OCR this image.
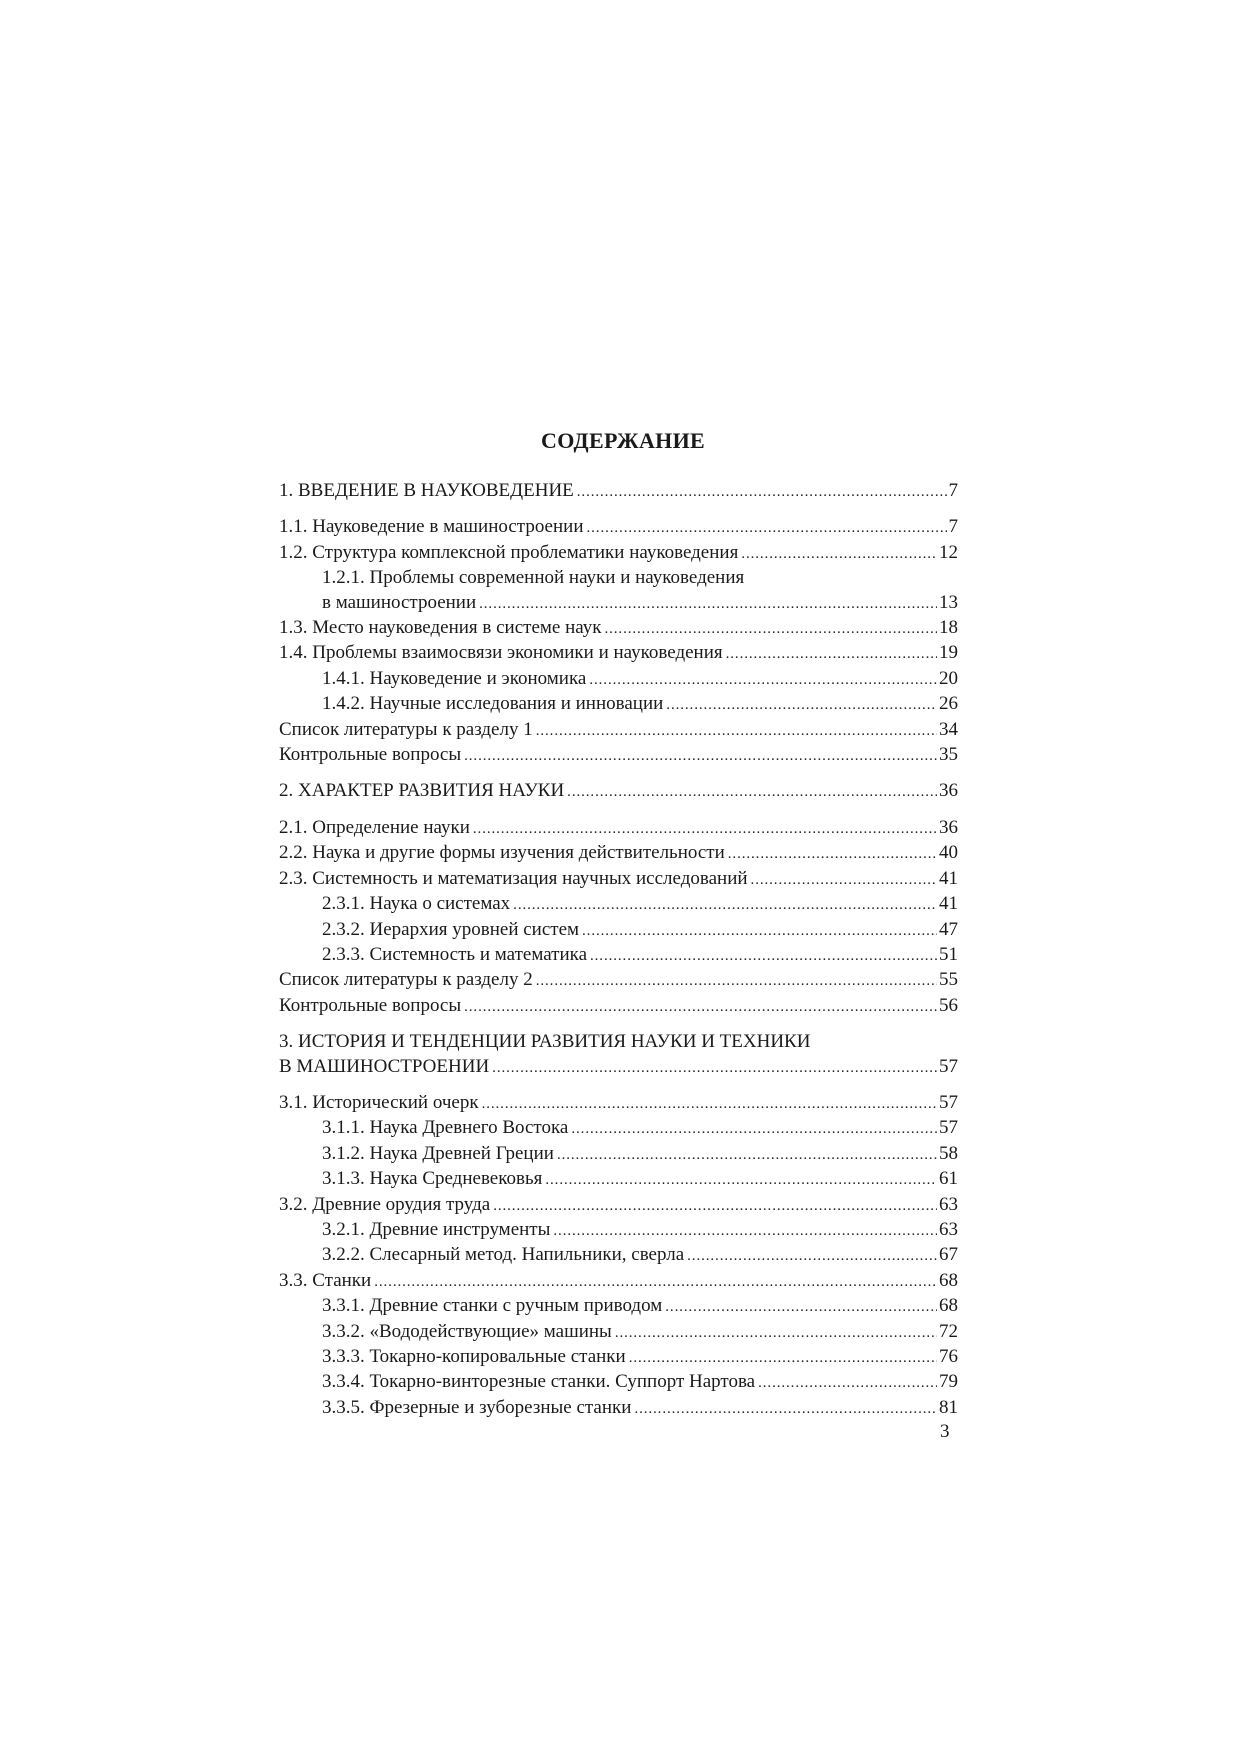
СОДЕРЖАНИЕ
1. ВВЕДЕНИЕ В НАУКОВЕДЕНИЕ .....	7
1.1. Науковедение в машиностроении .....	7
1.2. Структура комплексной проблематики науковедения .....	12
1.2.1. Проблемы современной науки и науковедения
в машиностроении .....	13
1.3. Место науковедения в системе наук .....	18
1.4. Проблемы взаимосвязи экономики и науковедения .....	19
1.4.1. Науковедение и экономика .....	20
1.4.2. Научные исследования и инновации .....	26
Список литературы к разделу 1 .....	34
Контрольные вопросы .....	35
2. ХАРАКТЕР РАЗВИТИЯ НАУКИ .....	36
2.1. Определение науки .....	36
2.2. Наука и другие формы изучения действительности .....	40
2.3. Системность и математизация научных исследований .....	41
2.3.1. Наука о системах .....	41
2.3.2. Иерархия уровней систем .....	47
2.3.3. Системность и математика .....	51
Список литературы к разделу 2 .....	55
Контрольные вопросы .....	56
3. ИСТОРИЯ И ТЕНДЕНЦИИ РАЗВИТИЯ НАУКИ И ТЕХНИКИ
В МАШИНОСТРОЕНИИ .....	57
3.1. Исторический очерк .....	57
3.1.1. Наука Древнего Востока .....	57
3.1.2. Наука Древней Греции .....	58
3.1.3. Наука Средневековья .....	61
3.2. Древние орудия труда .....	63
3.2.1. Древние инструменты .....	63
3.2.2. Слесарный метод. Напильники, сверла .....	67
3.3. Станки .....	68
3.3.1. Древние станки с ручным приводом .....	68
3.3.2. «Вододействующие» машины .....	72
3.3.3. Токарно-копировальные станки .....	76
3.3.4. Токарно-винторезные станки. Суппорт Нартова .....	79
3.3.5. Фрезерные и зуборезные станки .....	81
3
